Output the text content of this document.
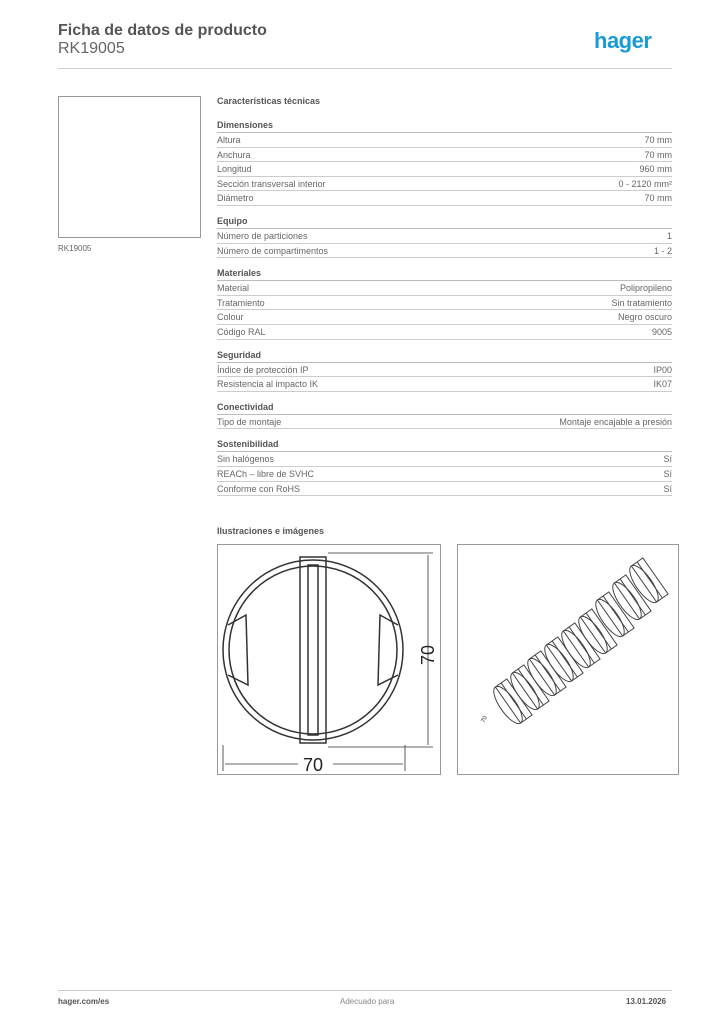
Ficha de datos de producto
RK19005	hager
RK19005
Características técnicas
Dimensiones
Altura	70 mm
Anchura	70 mm
Longitud	960 mm
Sección transversal interior	0 - 2120 mm²
Diámetro	70 mm
Equipo
Número de particiones	1
Número de compartimentos	1 - 2
Materiales
Material	Polipropileno
Tratamiento	Sin tratamiento
Colour	Negro oscuro
Código RAL	9005
Seguridad
Índice de protección IP	IP00
Resistencia al impacto IK	IK07
Conectividad
Tipo de montaje	Montaje encajable a presión
Sostenibilidad
Sin halógenos	Sí
REACh – libre de SVHC	Sí
Conforme con RoHS	Sí
Ilustraciones e imágenes
70
70
70
hager.com/es	Adecuado para	13.01.2026
